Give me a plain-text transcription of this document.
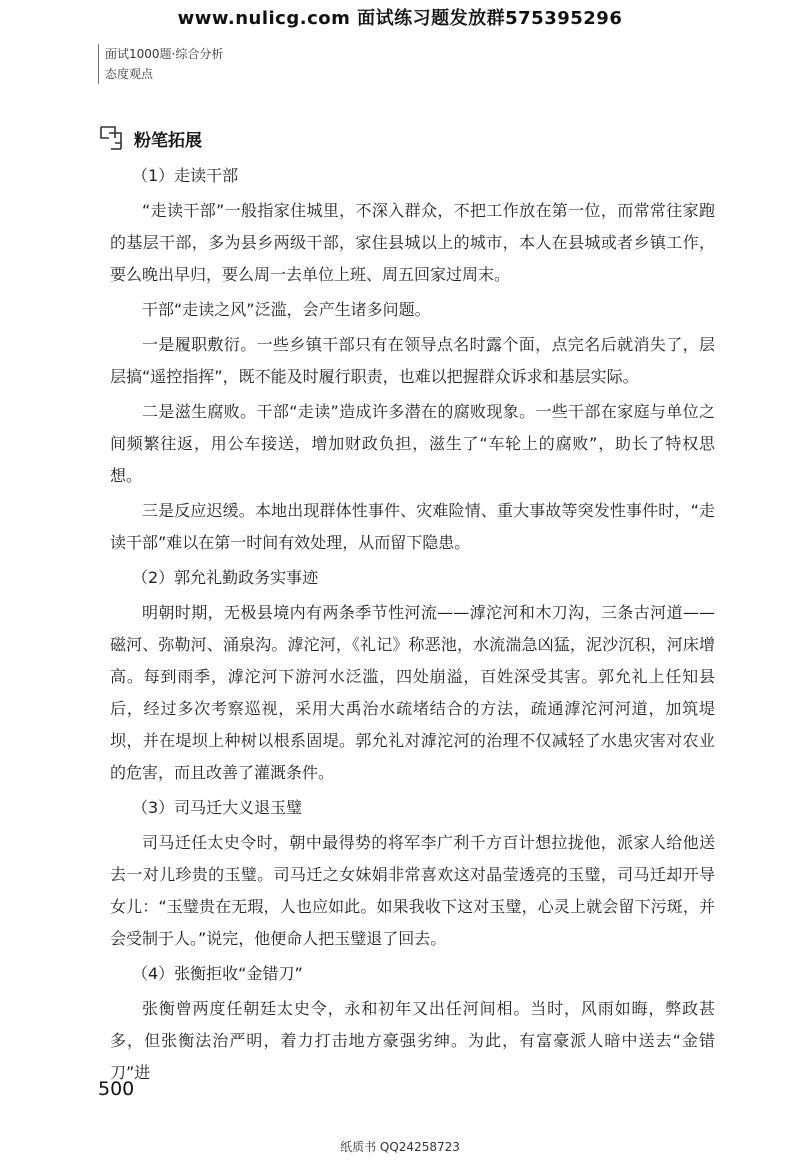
www.nulicg.com 面试练习题发放群575395296
面试1000题·综合分析
态度观点
粉笔拓展

（1）走读干部

“走读干部”一般指家住城里，不深入群众，不把工作放在第一位，而常常往家跑的基层干部，多为县乡两级干部，家住县城以上的城市，本人在县城或者乡镇工作，要么晚出早归，要么周一去单位上班、周五回家过周末。

干部“走读之风”泛滥，会产生诸多问题。

一是履职敷衍。一些乡镇干部只有在领导点名时露个面，点完名后就消失了，层层搞“遥控指挥”，既不能及时履行职责，也难以把握群众诉求和基层实际。

二是滋生腐败。干部“走读”造成许多潜在的腐败现象。一些干部在家庭与单位之间频繁往返，用公车接送，增加财政负担，滋生了“车轮上的腐败”，助长了特权思想。

三是反应迟缓。本地出现群体性事件、灾难险情、重大事故等突发性事件时，“走读干部”难以在第一时间有效处理，从而留下隐患。

（2）郭允礼勤政务实事迹

明朝时期，无极县境内有两条季节性河流——滹沱河和木刀沟，三条古河道——磁河、弥勒河、涌泉沟。滹沱河，《礼记》称恶池，水流湍急凶猛，泥沙沉积，河床增高。每到雨季，滹沱河下游河水泛滥，四处崩溢，百姓深受其害。郭允礼上任知县后，经过多次考察巡视，采用大禹治水疏堵结合的方法，疏通滹沱河河道，加筑堤坝，并在堤坝上种树以根系固堤。郭允礼对滹沱河的治理不仅减轻了水患灾害对农业的危害，而且改善了灌溉条件。

（3）司马迁大义退玉璧

司马迁任太史令时，朝中最得势的将军李广利千方百计想拉拢他，派家人给他送去一对儿珍贵的玉璧。司马迁之女妹娟非常喜欢这对晶莹透亮的玉璧，司马迁却开导女儿：“玉璧贵在无瑕，人也应如此。如果我收下这对玉璧，心灵上就会留下污斑，并会受制于人。”说完，他便命人把玉璧退了回去。

（4）张衡拒收“金错刀”

张衡曾两度任朝廷太史令，永和初年又出任河间相。当时，风雨如晦，弊政甚多，但张衡法治严明，着力打击地方豪强劣绅。为此，有富豪派人暗中送去“金错刀”进

500
纸质书 QQ24258723
